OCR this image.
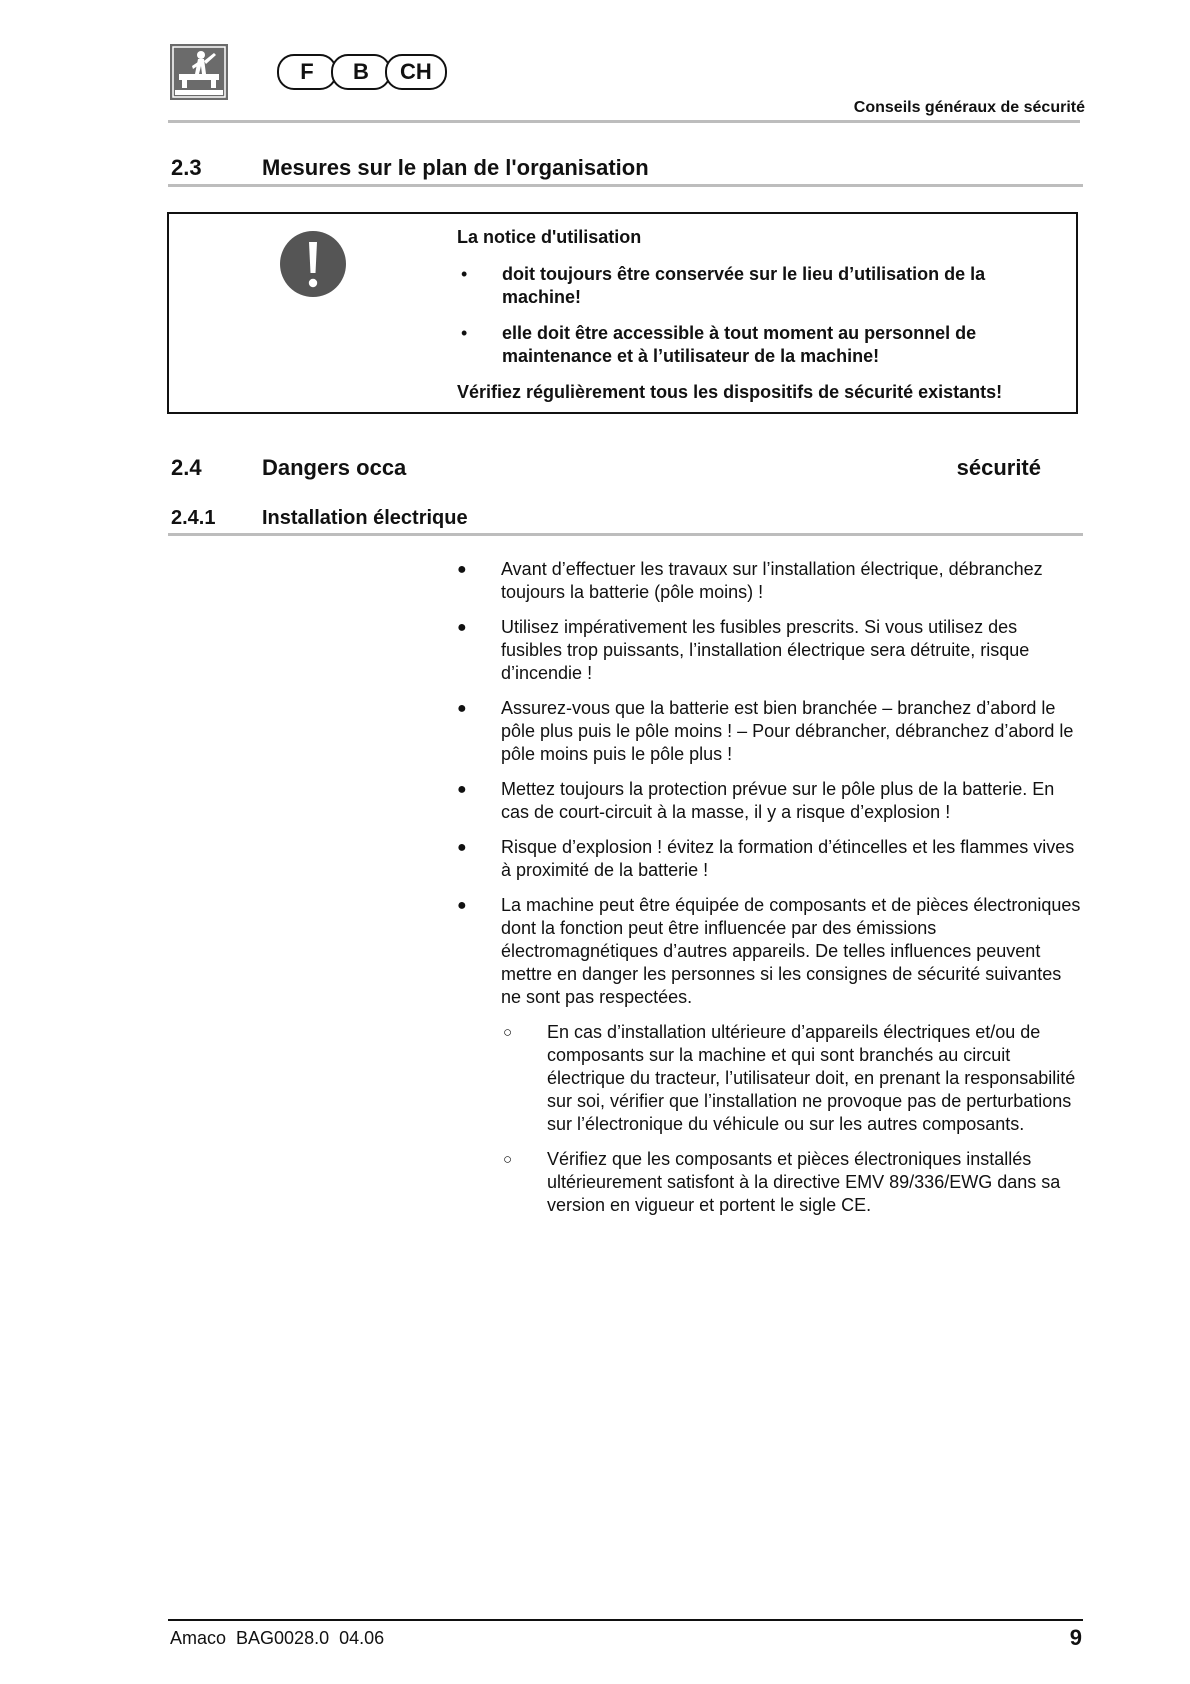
F	B	CH
Conseils généraux de sécurité
2.3	Mesures sur le plan de l'organisation

La notice d'utilisation

• doit toujours être conservée sur le lieu d’utilisation de la machine!
• elle doit être accessible à tout moment au personnel de maintenance et à l’utilisateur de la machine!

Vérifiez régulièrement tous les dispositifs de sécurité existants!

2.4	Dangers occa	sécurité
2.4.1 Installation électrique
● Avant d’effectuer les travaux sur l’installation électrique, débranchez toujours la batterie (pôle moins) !
● Utilisez impérativement les fusibles prescrits. Si vous utilisez des fusibles trop puissants, l’installation électrique sera détruite, risque d’incendie !
● Assurez-vous que la batterie est bien branchée – branchez d’abord le pôle plus puis le pôle moins ! – Pour débrancher, débranchez d’abord le pôle moins puis le pôle plus !
● Mettez toujours la protection prévue sur le pôle plus de la batterie. En cas de court-circuit à la masse, il y a risque d’explosion !
● Risque d’explosion ! évitez la formation d’étincelles et les flammes vives à proximité de la batterie !
● La machine peut être équipée de composants et de pièces électroniques dont la fonction peut être influencée par des émissions électromagnétiques d’autres appareils. De telles influences peuvent mettre en danger les personnes si les consignes de sécurité suivantes ne sont pas respectées.
○ En cas d’installation ultérieure d’appareils électriques et/ou de composants sur la machine et qui sont branchés au circuit électrique du tracteur, l’utilisateur doit, en prenant la responsabilité sur soi, vérifier que l’installation ne provoque pas de perturbations sur l’électronique du véhicule ou sur les autres composants.
○ Vérifiez que les composants et pièces électroniques installés ultérieurement satisfont à la directive EMV 89/336/EWG dans sa version en vigueur et portent le sigle CE.
Amaco  BAG0028.0  04.06	9
